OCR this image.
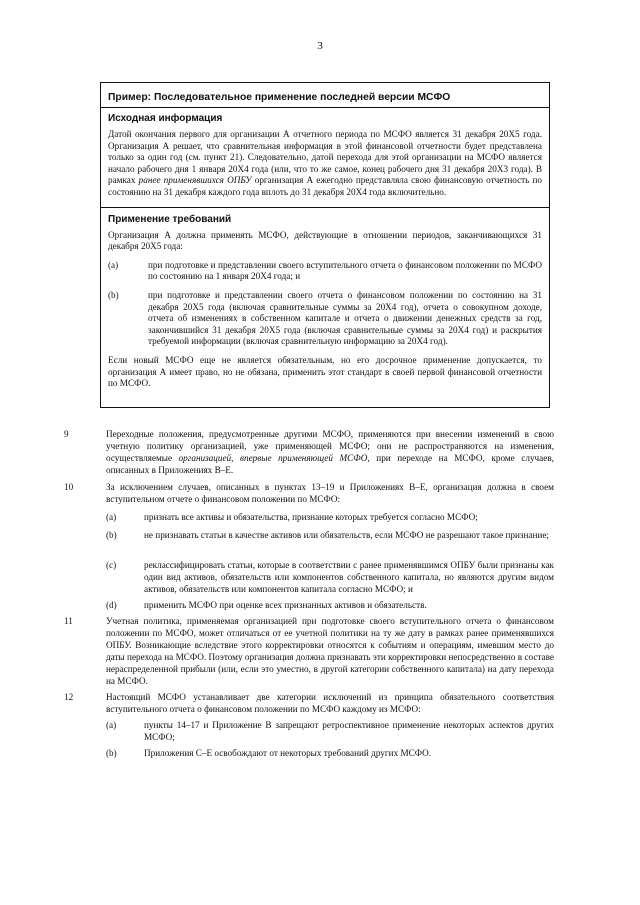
3
Пример: Последовательное применение последней версии МСФО
Исходная информация

Датой окончания первого для организации А отчетного периода по МСФО является 31 декабря 20Х5 года. Организация А решает, что сравнительная информация в этой финансовой отчетности будет представлена только за один год (см. пункт 21). Следовательно, датой перехода для этой организации на МСФО является начало рабочего дня 1 января 20Х4 года (или, что то же самое, конец рабочего дня 31 декабря 20Х3 года). В рамках ранее применявшихся ОПБУ организация А ежегодно представляла свою финансовую отчетность по состоянию на 31 декабря каждого года вплоть до 31 декабря 20Х4 года включительно.

Применение требований

Организация А должна применять МСФО, действующие в отношении периодов, заканчивающихся 31 декабря 20Х5 года:

(a)	при подготовке и представлении своего вступительного отчета о финансовом положении по МСФО по состоянию на 1 января 20Х4 года; и
(b)	при подготовке и представлении своего отчета о финансовом положении по состоянию на 31 декабря 20Х5 года (включая сравнительные суммы за 20Х4 год), отчета о совокупном доходе, отчета об изменениях в собственном капитале и отчета о движении денежных средств за год, закончившийся 31 декабря 20Х5 года (включая сравнительные суммы за 20Х4 год) и раскрытия требуемой информации (включая сравнительную информацию за 20Х4 год).

Если новый МСФО еще не является обязательным, но его досрочное применение допускается, то организация А имеет право, но не обязана, применить этот стандарт в своей первой финансовой отчетности по МСФО.

9	Переходные положения, предусмотренные другими МСФО, применяются при внесении изменений в свою учетную политику организацией, уже применяющей МСФО; они не распространяются на изменения, осуществляемые организацией, впервые применяющей МСФО, при переходе на МСФО, кроме случаев, описанных в Приложениях В–Е.
10	За исключением случаев, описанных в пунктах 13–19 и Приложениях В–Е, организация должна в своем вступительном отчете о финансовом положении по МСФО:
(a)	признать все активы и обязательства, признание которых требуется согласно МСФО;
(b)	не признавать статьи в качестве активов или обязательств, если МСФО не разрешают такое признание;
(c)	реклассифицировать статьи, которые в соответствии с ранее применявшимся ОПБУ были признаны как один вид активов, обязательств или компонентов собственного капитала, но являются другим видом активов, обязательств или компонентов капитала согласно МСФО; и
(d)	применить МСФО при оценке всех признанных активов и обязательств.
11	Учетная политика, применяемая организацией при подготовке своего вступительного отчета о финансовом положении по МСФО, может отличаться от ее учетной политики на ту же дату в рамках ранее применявшихся ОПБУ. Возникающие вследствие этого корректировки относятся к событиям и операциям, имевшим место до даты перехода на МСФО. Поэтому организация должна признавать эти корректировки непосредственно в составе нераспределенной прибыли (или, если это уместно, в другой категории собственного капитала) на дату перехода на МСФО.
12	Настоящий МСФО устанавливает две категории исключений из принципа обязательного соответствия вступительного отчета о финансовом положении по МСФО каждому из МСФО:
(a)	пункты 14–17 и Приложение В запрещают ретроспективное применение некоторых аспектов других МСФО;
(b)	Приложения С–Е освобождают от некоторых требований других МСФО.
